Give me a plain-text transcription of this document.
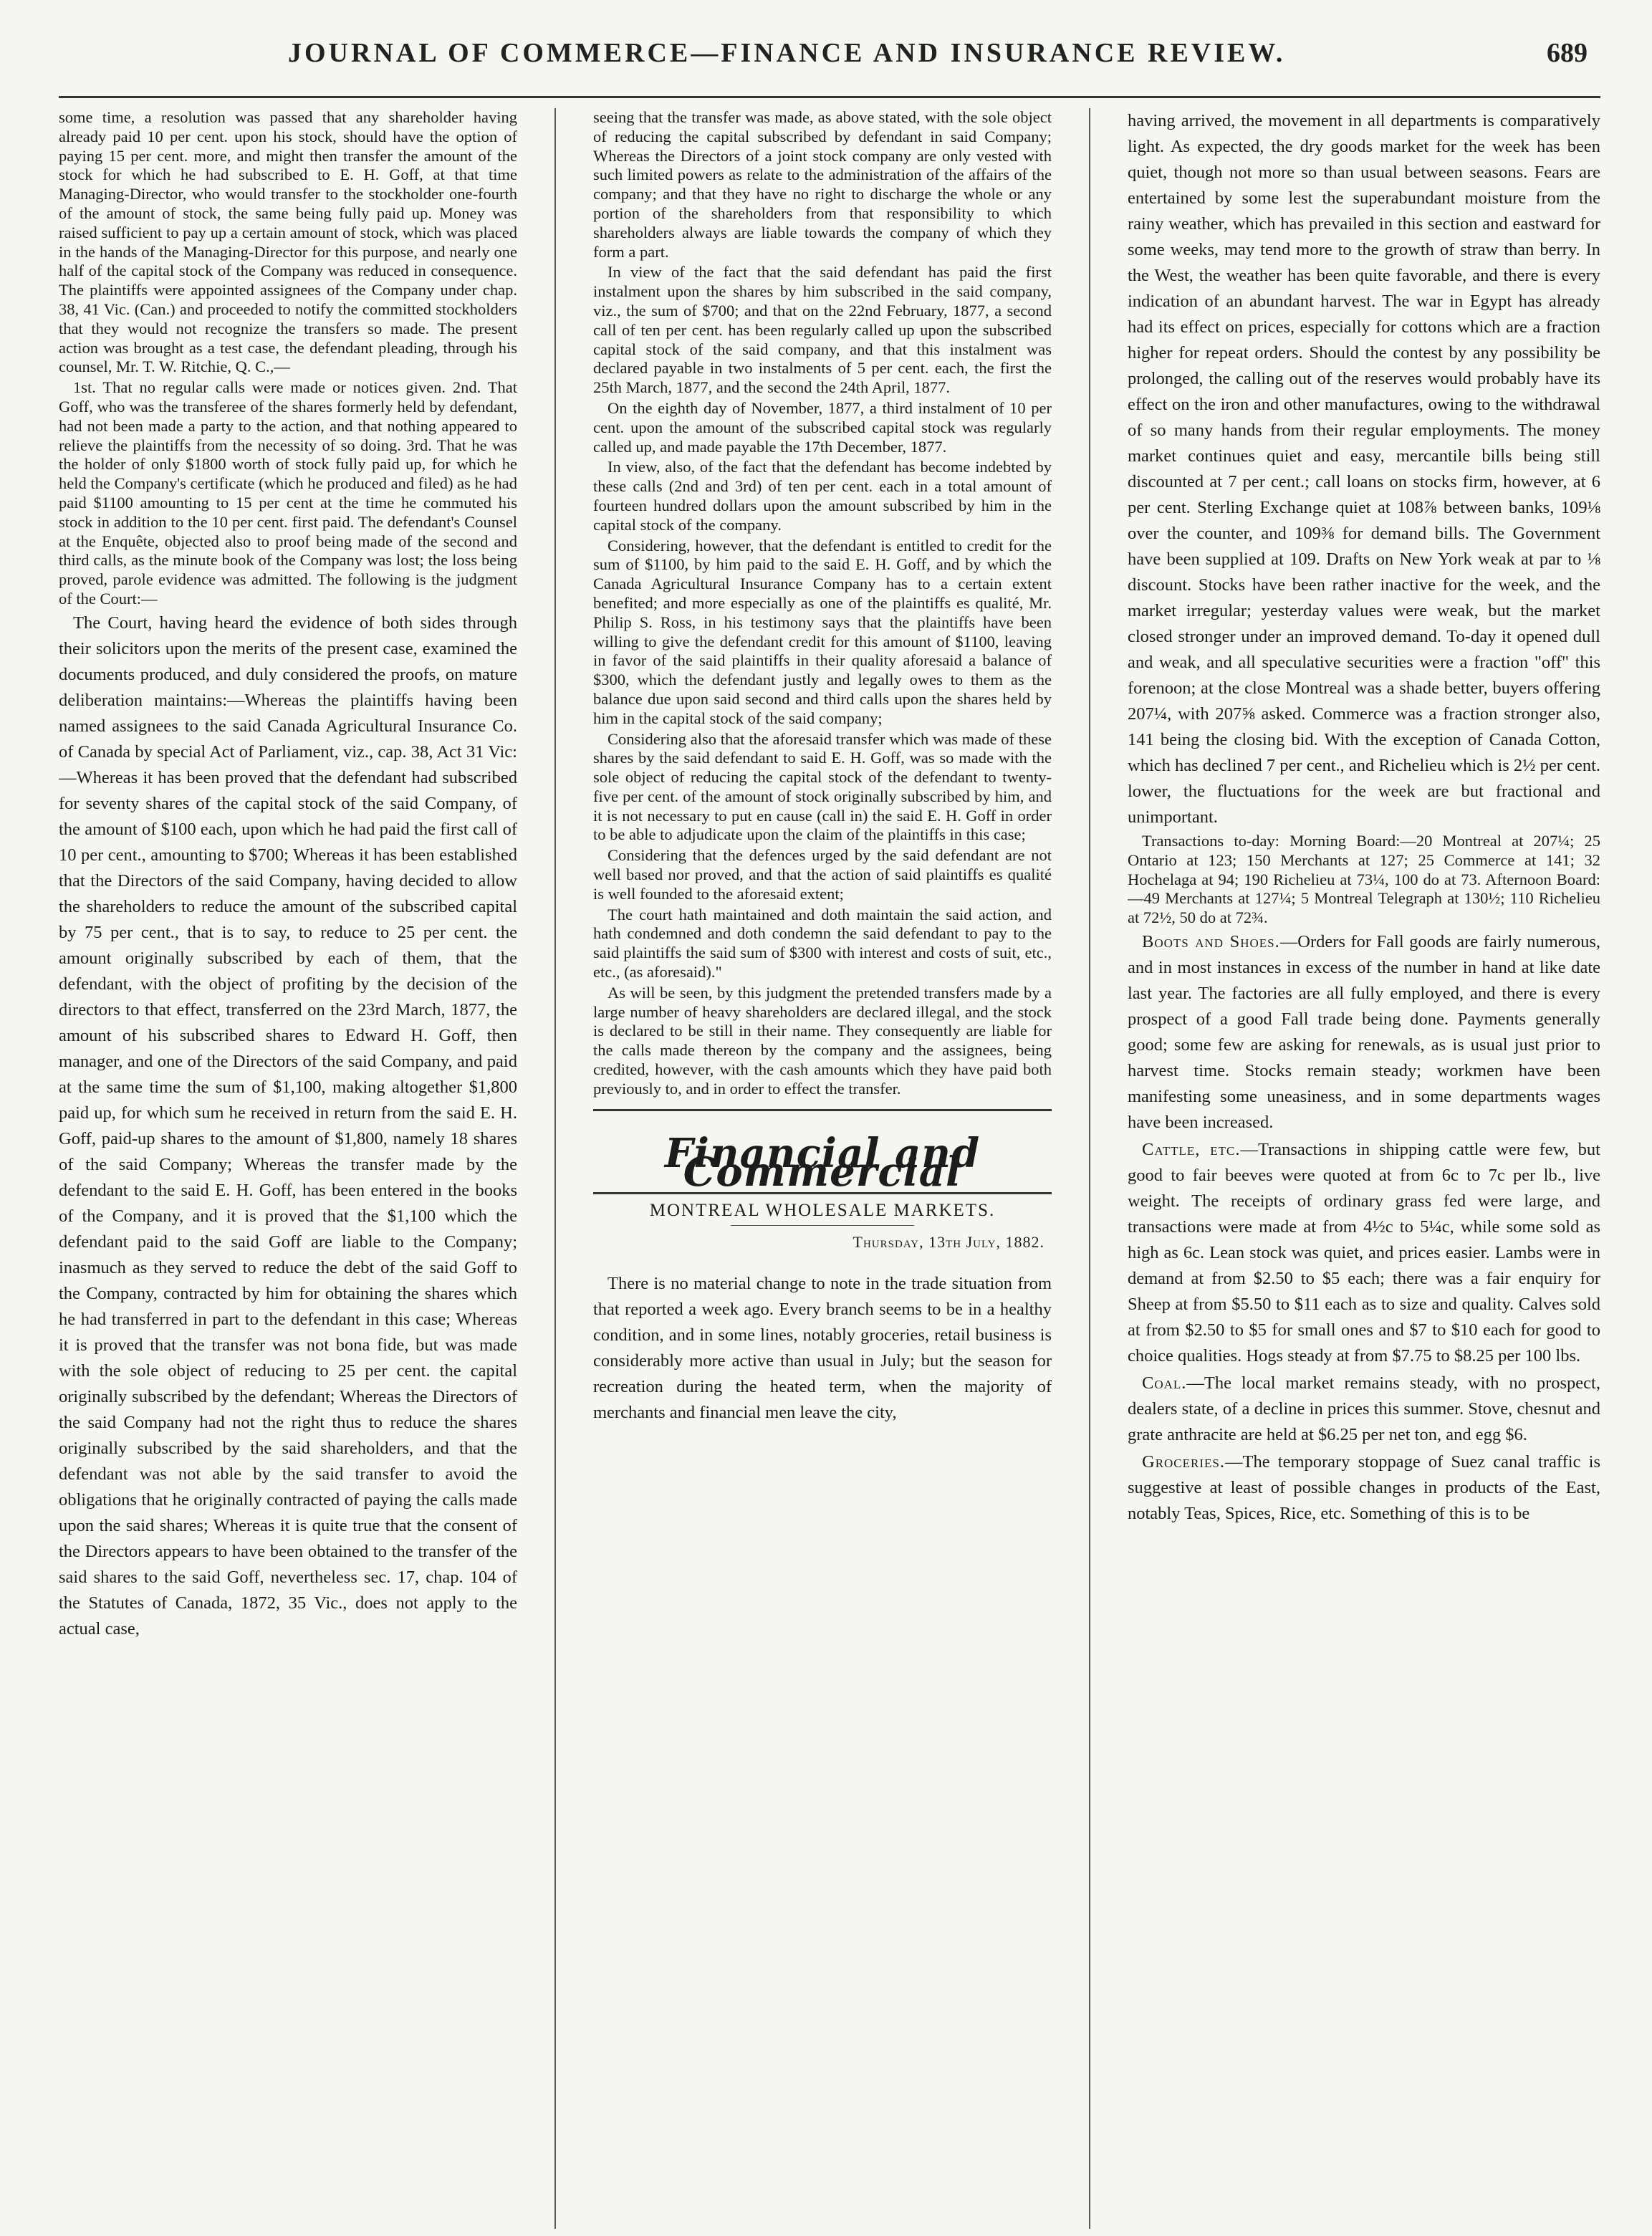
JOURNAL OF COMMERCE—FINANCE AND INSURANCE REVIEW.	689

some time, a resolution was passed that any shareholder having already paid 10 per cent. upon his stock, should have the option of paying 15 per cent. more, and might then transfer the amount of the stock for which he had subscribed to E. H. Goff, at that time Managing-Director, who would transfer to the stockholder one-fourth of the amount of stock, the same being fully paid up. Money was raised sufficient to pay up a certain amount of stock, which was placed in the hands of the Managing-Director for this purpose, and nearly one half of the capital stock of the Company was reduced in consequence. The plaintiffs were appointed assignees of the Company under chap. 38, 41 Vic. (Can.) and proceeded to notify the committed stockholders that they would not recognize the transfers so made. The present action was brought as a test case, the defendant pleading, through his counsel, Mr. T. W. Ritchie, Q. C.,—

1st. That no regular calls were made or notices given. 2nd. That Goff, who was the transferee of the shares formerly held by defendant, had not been made a party to the action, and that nothing appeared to relieve the plaintiffs from the necessity of so doing. 3rd. That he was the holder of only $1800 worth of stock fully paid up, for which he held the Company's certificate (which he produced and filed) as he had paid $1100 amounting to 15 per cent at the time he commuted his stock in addition to the 10 per cent. first paid. The defendant's Counsel at the Enquête, objected also to proof being made of the second and third calls, as the minute book of the Company was lost; the loss being proved, parole evidence was admitted. The following is the judgment of the Court:—

The Court, having heard the evidence of both sides through their solicitors upon the merits of the present case, examined the documents produced, and duly considered the proofs, on mature deliberation maintains:—Whereas the plaintiffs having been named assignees to the said Canada Agricultural Insurance Co. of Canada by special Act of Parliament, viz., cap. 38, Act 31 Vic:—Whereas it has been proved that the defendant had subscribed for seventy shares of the capital stock of the said Company, of the amount of $100 each, upon which he had paid the first call of 10 per cent., amounting to $700; Whereas it has been established that the Directors of the said Company, having decided to allow the shareholders to reduce the amount of the subscribed capital by 75 per cent., that is to say, to reduce to 25 per cent. the amount originally subscribed by each of them, that the defendant, with the object of profiting by the decision of the directors to that effect, transferred on the 23rd March, 1877, the amount of his subscribed shares to Edward H. Goff, then manager, and one of the Directors of the said Company, and paid at the same time the sum of $1,100, making altogether $1,800 paid up, for which sum he received in return from the said E. H. Goff, paid-up shares to the amount of $1,800, namely 18 shares of the said Company; Whereas the transfer made by the defendant to the said E. H. Goff, has been entered in the books of the Company, and it is proved that the $1,100 which the defendant paid to the said Goff are liable to the Company; inasmuch as they served to reduce the debt of the said Goff to the Company, contracted by him for obtaining the shares which he had transferred in part to the defendant in this case; Whereas it is proved that the transfer was not bona fide, but was made with the sole object of reducing to 25 per cent. the capital originally subscribed by the defendant; Whereas the Directors of the said Company had not the right thus to reduce the shares originally subscribed by the said shareholders, and that the defendant was not able by the said transfer to avoid the obligations that he originally contracted of paying the calls made upon the said shares; Whereas it is quite true that the consent of the Directors appears to have been obtained to the transfer of the said shares to the said Goff, nevertheless sec. 17, chap. 104 of the Statutes of Canada, 1872, 35 Vic., does not apply to the actual case,

seeing that the transfer was made, as above stated, with the sole object of reducing the capital subscribed by defendant in said Company; Whereas the Directors of a joint stock company are only vested with such limited powers as relate to the administration of the affairs of the company; and that they have no right to discharge the whole or any portion of the shareholders from that responsibility to which shareholders always are liable towards the company of which they form a part.

In view of the fact that the said defendant has paid the first instalment upon the shares by him subscribed in the said company, viz., the sum of $700; and that on the 22nd February, 1877, a second call of ten per cent. has been regularly called up upon the subscribed capital stock of the said company, and that this instalment was declared payable in two instalments of 5 per cent. each, the first the 25th March, 1877, and the second the 24th April, 1877.

On the eighth day of November, 1877, a third instalment of 10 per cent. upon the amount of the subscribed capital stock was regularly called up, and made payable the 17th December, 1877.

In view, also, of the fact that the defendant has become indebted by these calls (2nd and 3rd) of ten per cent. each in a total amount of fourteen hundred dollars upon the amount subscribed by him in the capital stock of the company.

Considering, however, that the defendant is entitled to credit for the sum of $1100, by him paid to the said E. H. Goff, and by which the Canada Agricultural Insurance Company has to a certain extent benefited; and more especially as one of the plaintiffs es qualité, Mr. Philip S. Ross, in his testimony says that the plaintiffs have been willing to give the defendant credit for this amount of $1100, leaving in favor of the said plaintiffs in their quality aforesaid a balance of $300, which the defendant justly and legally owes to them as the balance due upon said second and third calls upon the shares held by him in the capital stock of the said company;

Considering also that the aforesaid transfer which was made of these shares by the said defendant to said E. H. Goff, was so made with the sole object of reducing the capital stock of the defendant to twenty-five per cent. of the amount of stock originally subscribed by him, and it is not necessary to put en cause (call in) the said E. H. Goff in order to be able to adjudicate upon the claim of the plaintiffs in this case;

Considering that the defences urged by the said defendant are not well based nor proved, and that the action of said plaintiffs es qualité is well founded to the aforesaid extent;

The court hath maintained and doth maintain the said action, and hath condemned and doth condemn the said defendant to pay to the said plaintiffs the said sum of $300 with interest and costs of suit, etc., etc., (as aforesaid)."

As will be seen, by this judgment the pretended transfers made by a large number of heavy shareholders are declared illegal, and the stock is declared to be still in their name. They consequently are liable for the calls made thereon by the company and the assignees, being credited, however, with the cash amounts which they have paid both previously to, and in order to effect the transfer.

Financial and Commercial
MONTREAL WHOLESALE MARKETS.
Thursday, 13th July, 1882.

There is no material change to note in the trade situation from that reported a week ago. Every branch seems to be in a healthy condition, and in some lines, notably groceries, retail business is considerably more active than usual in July; but the season for recreation during the heated term, when the majority of merchants and financial men leave the city,

having arrived, the movement in all departments is comparatively light. As expected, the dry goods market for the week has been quiet, though not more so than usual between seasons. Fears are entertained by some lest the superabundant moisture from the rainy weather, which has prevailed in this section and eastward for some weeks, may tend more to the growth of straw than berry. In the West, the weather has been quite favorable, and there is every indication of an abundant harvest. The war in Egypt has already had its effect on prices, especially for cottons which are a fraction higher for repeat orders. Should the contest by any possibility be prolonged, the calling out of the reserves would probably have its effect on the iron and other manufactures, owing to the withdrawal of so many hands from their regular employments. The money market continues quiet and easy, mercantile bills being still discounted at 7 per cent.; call loans on stocks firm, however, at 6 per cent. Sterling Exchange quiet at 108⅞ between banks, 109⅛ over the counter, and 109⅜ for demand bills. The Government have been supplied at 109. Drafts on New York weak at par to ⅛ discount. Stocks have been rather inactive for the week, and the market irregular; yesterday values were weak, but the market closed stronger under an improved demand. To-day it opened dull and weak, and all speculative securities were a fraction "off" this forenoon; at the close Montreal was a shade better, buyers offering 207¼, with 207⅝ asked. Commerce was a fraction stronger also, 141 being the closing bid. With the exception of Canada Cotton, which has declined 7 per cent., and Richelieu which is 2½ per cent. lower, the fluctuations for the week are but fractional and unimportant.

Transactions to-day: Morning Board:—20 Montreal at 207¼; 25 Ontario at 123; 150 Merchants at 127; 25 Commerce at 141; 32 Hochelaga at 94; 190 Richelieu at 73¼, 100 do at 73. Afternoon Board:—49 Merchants at 127¼; 5 Montreal Telegraph at 130½; 110 Richelieu at 72½, 50 do at 72¾.

Boots and Shoes.—Orders for Fall goods are fairly numerous, and in most instances in excess of the number in hand at like date last year. The factories are all fully employed, and there is every prospect of a good Fall trade being done. Payments generally good; some few are asking for renewals, as is usual just prior to harvest time. Stocks remain steady; workmen have been manifesting some uneasiness, and in some departments wages have been increased.

Cattle, etc.—Transactions in shipping cattle were few, but good to fair beeves were quoted at from 6c to 7c per lb., live weight. The receipts of ordinary grass fed were large, and transactions were made at from 4½c to 5¼c, while some sold as high as 6c. Lean stock was quiet, and prices easier. Lambs were in demand at from $2.50 to $5 each; there was a fair enquiry for Sheep at from $5.50 to $11 each as to size and quality. Calves sold at from $2.50 to $5 for small ones and $7 to $10 each for good to choice qualities. Hogs steady at from $7.75 to $8.25 per 100 lbs.

Coal.—The local market remains steady, with no prospect, dealers state, of a decline in prices this summer. Stove, chesnut and grate anthracite are held at $6.25 per net ton, and egg $6.

Groceries.—The temporary stoppage of Suez canal traffic is suggestive at least of possible changes in products of the East, notably Teas, Spices, Rice, etc. Something of this is to be
